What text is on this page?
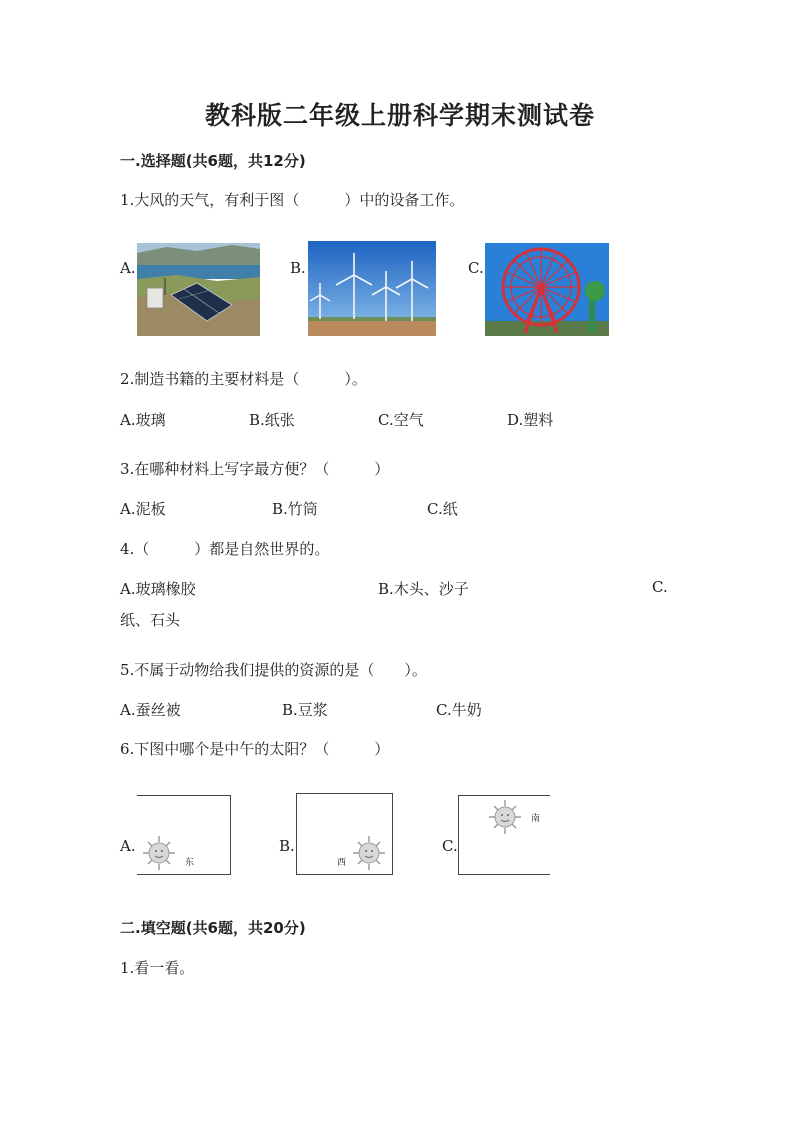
教科版二年级上册科学期末测试卷
一.选择题(共6题，共12分)
1.大风的天气，有利于图（　　　）中的设备工作。
A.	B.	C.
2.制造书籍的主要材料是（　　　）。
A.玻璃	B.纸张	C.空气	D.塑料
3.在哪种材料上写字最方便？（　　　）
A.泥板	B.竹筒	C.纸
4.（　　　）都是自然世界的。
A.玻璃橡胶	B.木头、沙子	C.
纸、石头
5.不属于动物给我们提供的资源的是（　　）。
A.蚕丝被	B.豆浆	C.牛奶
6.下图中哪个是中午的太阳？（　　　）
A.	B.	C.
东	西
南
二.填空题(共6题，共20分)
1.看一看。
